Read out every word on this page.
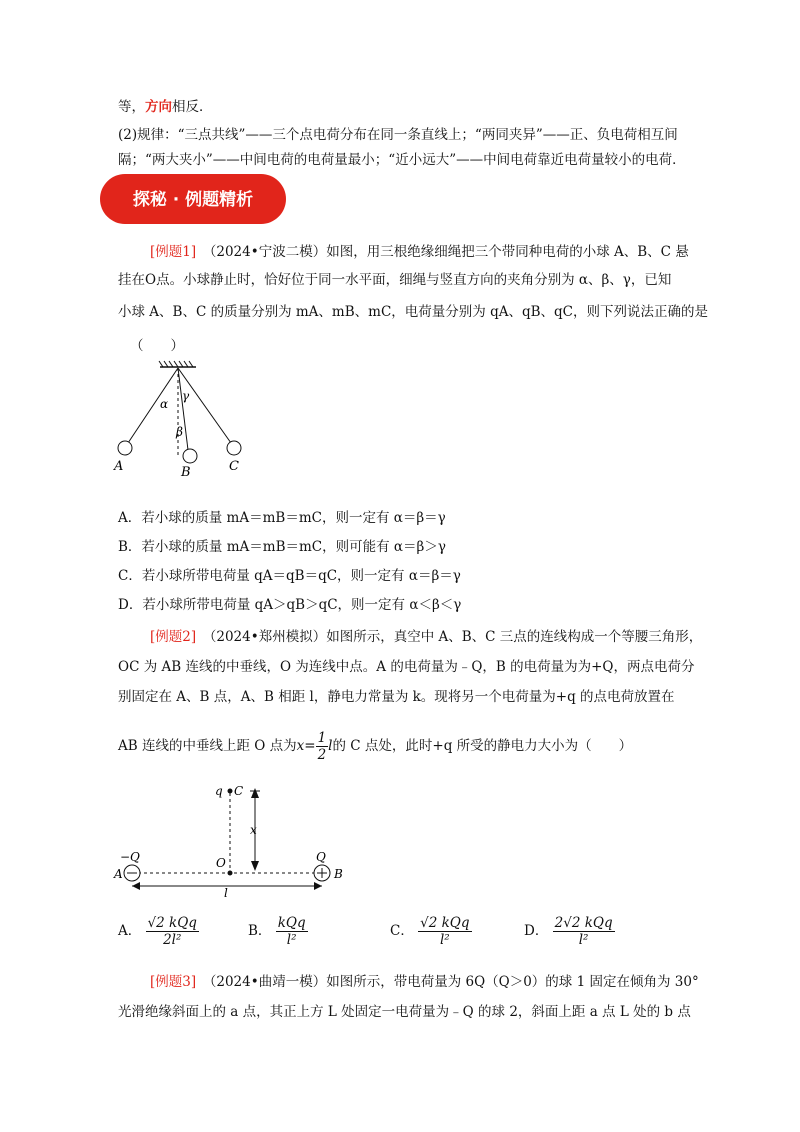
等，方向相反．
(2)规律：“三点共线”——三个点电荷分布在同一条直线上；“两同夹异”——正、负电荷相互间
隔；“两大夹小”——中间电荷的电荷量最小；“近小远大”——中间电荷靠近电荷量较小的电荷．
探秘 · 例题精析
[例题1]　 （2024•宁波二模）如图，用三根绝缘细绳把三个带同种电荷的小球 A、B、C 悬
挂在O点。小球静止时，恰好位于同一水平面，细绳与竖直方向的夹角分别为 α、β、γ，已知
小球 A、B、C 的质量分别为 mA、mB、mC，电荷量分别为 qA、qB、qC，则下列说法正确的是
（　　）
α
γ
β
A	B	C
A．若小球的质量 mA＝mB＝mC，则一定有 α＝β＝γ
B．若小球的质量 mA＝mB＝mC，则可能有 α＝β＞γ
C．若小球所带电荷量 qA＝qB＝qC，则一定有 α＝β＝γ
D．若小球所带电荷量 qA＞qB＞qC，则一定有 α＜β＜γ
[例题2]　 （2024•郑州模拟）如图所示，真空中 A、B、C 三点的连线构成一个等腰三角形，
OC 为 AB 连线的中垂线，O 为连线中点。A 的电荷量为﹣Q，B 的电荷量为为+Q，两点电荷分
别固定在 A、B 点，A、B 相距 l，静电力常量为 k。现将另一个电荷量为+q 的点电荷放置在
AB 连线的中垂线上距 O 点为$x= \frac{1}{2}$ l的 C 点处，此时+q 所受的静电力大小为（　　）
q C
x
−Q	Q
O
A	B
l
A． $\frac{\text{√2 kQq}}{\text{2l²}}$	B． $\frac{\text{kQq}}{\text{l²}}$	C． $\frac{\text{√2 kQq}}{\text{l²}}$	D． $\frac{\text{2√2 kQq}}{\text{l²}}$
[例题3]　 （2024•曲靖一模）如图所示，带电荷量为 6Q（Q＞0）的球 1 固定在倾角为 30°
光滑绝缘斜面上的 a 点，其正上方 L 处固定一电荷量为﹣Q 的球 2，斜面上距 a 点 L 处的 b 点
